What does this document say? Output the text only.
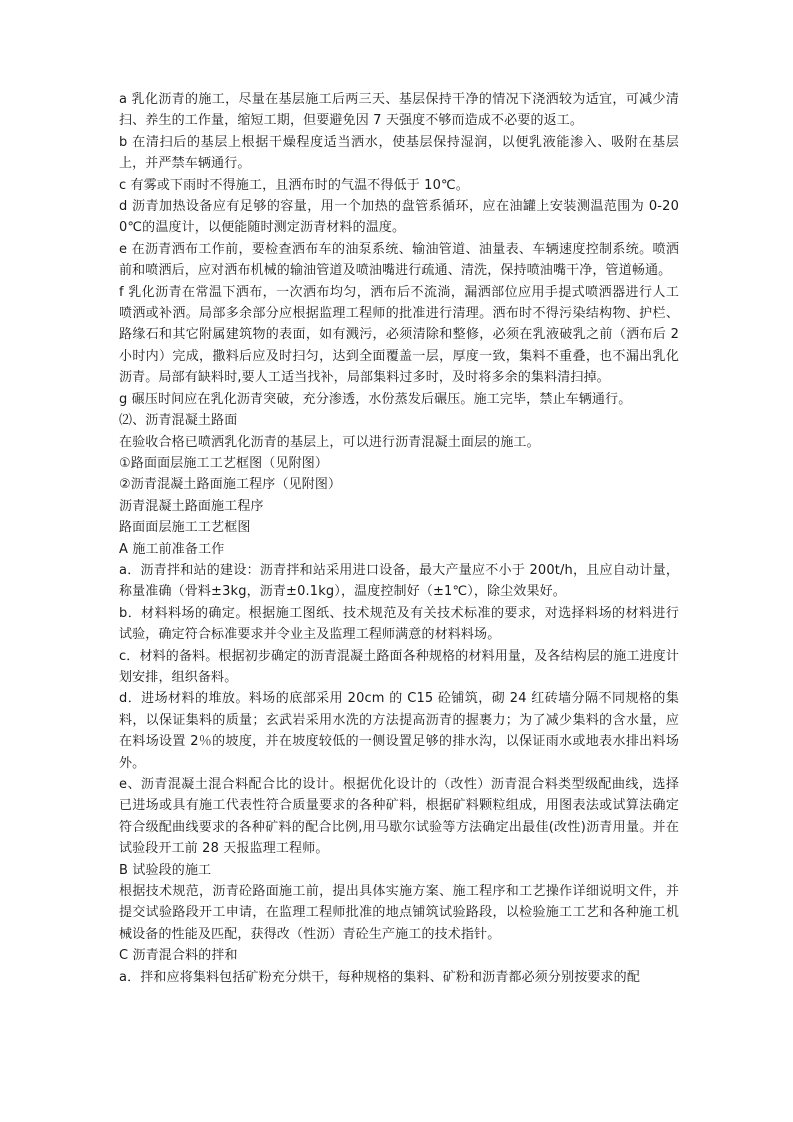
a 乳化沥青的施工，尽量在基层施工后两三天、基层保持干净的情况下浇洒较为适宜，可减少清扫、养生的工作量，缩短工期，但要避免因 7 天强度不够而造成不必要的返工。

b 在清扫后的基层上根据干燥程度适当洒水，使基层保持湿润，以便乳液能渗入、吸附在基层上，并严禁车辆通行。

c 有雾或下雨时不得施工，且洒布时的气温不得低于 10℃。

d 沥青加热设备应有足够的容量，用一个加热的盘管系循环，应在油罐上安装测温范围为 0-200℃的温度计，以便能随时测定沥青材料的温度。

e 在沥青洒布工作前，要检查洒布车的油泵系统、输油管道、油量表、车辆速度控制系统。喷洒前和喷洒后，应对洒布机械的输油管道及喷油嘴进行疏通、清洗，保持喷油嘴干净，管道畅通。

f 乳化沥青在常温下洒布，一次洒布均匀，洒布后不流淌，漏洒部位应用手提式喷洒器进行人工喷洒或补洒。局部多余部分应根据监理工程师的批准进行清理。洒布时不得污染结构物、护栏、路缘石和其它附属建筑物的表面，如有溅污，必须清除和整修，必须在乳液破乳之前（洒布后 2 小时内）完成，撒料后应及时扫匀，达到全面覆盖一层，厚度一致，集料不重叠，也不漏出乳化沥青。局部有缺料时,要人工适当找补，局部集料过多时，及时将多余的集料清扫掉。

g 碾压时间应在乳化沥青突破，充分渗透，水份蒸发后碾压。施工完毕，禁止车辆通行。

⑵、沥青混凝土路面

在验收合格已喷洒乳化沥青的基层上，可以进行沥青混凝土面层的施工。

①路面面层施工工艺框图（见附图）

②沥青混凝土路面施工程序（见附图）

沥青混凝土路面施工程序

路面面层施工工艺框图

A 施工前准备工作

a．沥青拌和站的建设：沥青拌和站采用进口设备，最大产量应不小于 200t/h，且应自动计量，称量准确（骨料±3kg，沥青±0.1kg），温度控制好（±1℃），除尘效果好。

b．材料料场的确定。根据施工图纸、技术规范及有关技术标准的要求，对选择料场的材料进行试验，确定符合标准要求并令业主及监理工程师满意的材料料场。

c．材料的备料。根据初步确定的沥青混凝土路面各种规格的材料用量，及各结构层的施工进度计划安排，组织备料。

d．进场材料的堆放。料场的底部采用 20cm 的 C15 砼铺筑，砌 24 红砖墙分隔不同规格的集料，以保证集料的质量；玄武岩采用水洗的方法提高沥青的握裹力；为了减少集料的含水量，应在料场设置 2％的坡度，并在坡度较低的一侧设置足够的排水沟，以保证雨水或地表水排出料场外。

e、沥青混凝土混合料配合比的设计。根据优化设计的（改性）沥青混合料类型级配曲线，选择已进场或具有施工代表性符合质量要求的各种矿料，根据矿料颗粒组成，用图表法或试算法确定符合级配曲线要求的各种矿料的配合比例,用马歇尔试验等方法确定出最佳(改性)沥青用量。并在试验段开工前 28 天报监理工程师。

B 试验段的施工

根据技术规范，沥青砼路面施工前，提出具体实施方案、施工程序和工艺操作详细说明文件，并提交试验路段开工申请，在监理工程师批准的地点铺筑试验路段，以检验施工工艺和各种施工机械设备的性能及匹配，获得改（性沥）青砼生产施工的技术指针。

C 沥青混合料的拌和

a．拌和应将集料包括矿粉充分烘干，每种规格的集料、矿粉和沥青都必须分别按要求的配
